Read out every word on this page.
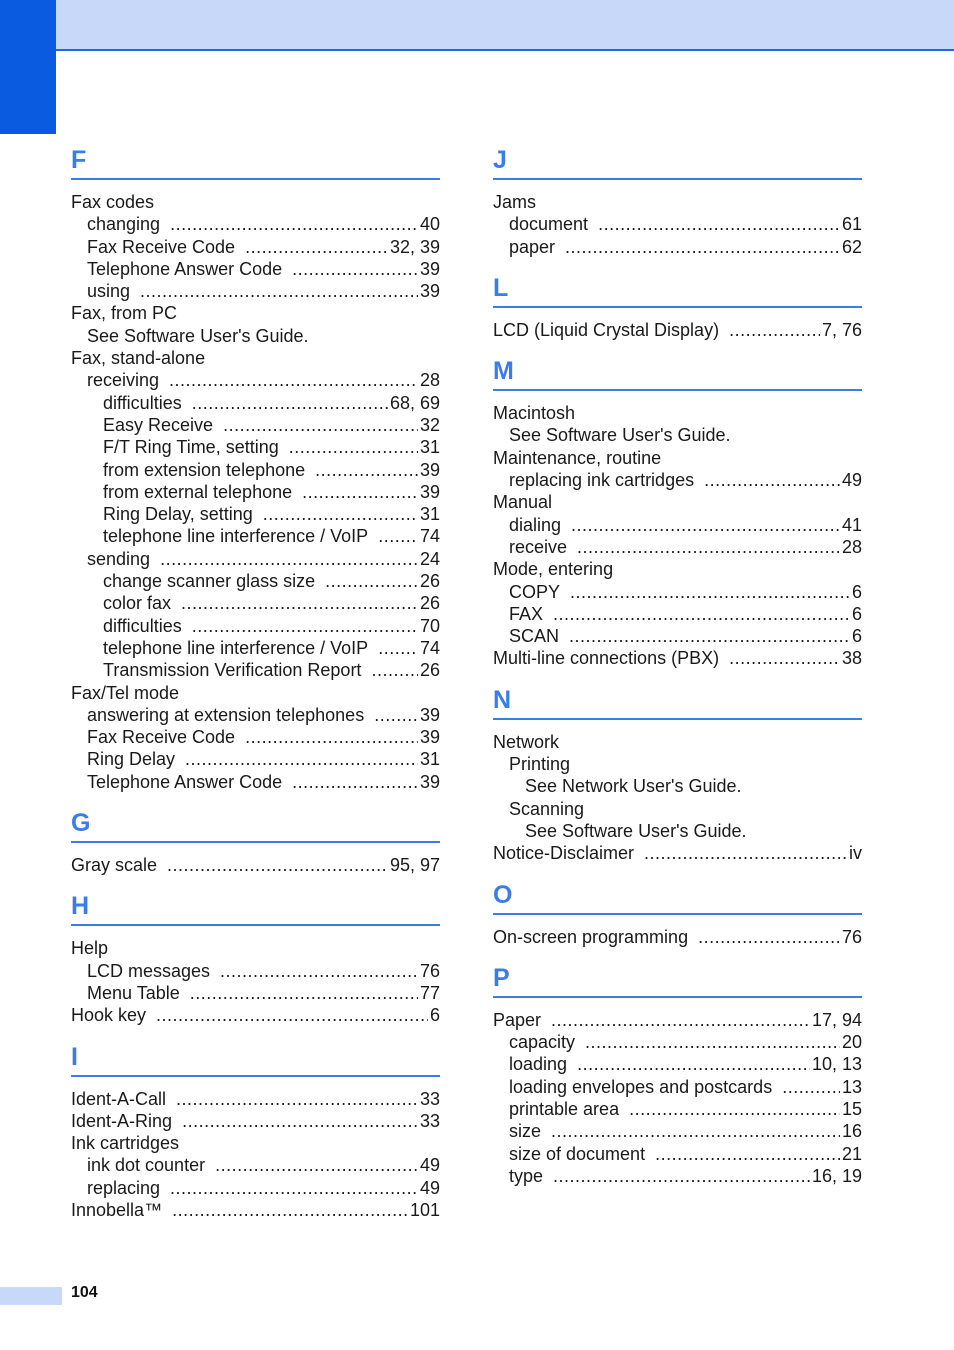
F
Fax codes
changing .....	40
Fax Receive Code .....	32, 39
Telephone Answer Code .....	39
using .....	39
Fax, from PC
See Software User's Guide.
Fax, stand-alone
receiving .....	28
difficulties .....	68, 69
Easy Receive .....	32
F/T Ring Time, setting .....	31
from extension telephone .....	39
from external telephone .....	39
Ring Delay, setting .....	31
telephone line interference / VoIP .....	74
sending .....	24
change scanner glass size .....	26
color fax .....	26
difficulties .....	70
telephone line interference / VoIP .....	74
Transmission Verification Report .....	26
Fax/Tel mode
answering at extension telephones .....	39
Fax Receive Code .....	39
Ring Delay .....	31
Telephone Answer Code .....	39
G
Gray scale .....	95, 97
H
Help
LCD messages .....	76
Menu Table .....	77
Hook key .....	6
I
Ident-A-Call .....	33
Ident-A-Ring .....	33
Ink cartridges
ink dot counter .....	49
replacing .....	49
Innobella™ .....	101
J
Jams
document .....	61
paper .....	62
L
LCD (Liquid Crystal Display) .....	7, 76
M
Macintosh
See Software User's Guide.
Maintenance, routine
replacing ink cartridges .....	49
Manual
dialing .....	41
receive .....	28
Mode, entering
COPY .....	6
FAX .....	6
SCAN .....	6
Multi-line connections (PBX) .....	38
N
Network
Printing
See Network User's Guide.
Scanning
See Software User's Guide.
Notice-Disclaimer .....	iv
O
On-screen programming .....	76
P
Paper .....	17, 94
capacity .....	20
loading .....	10, 13
loading envelopes and postcards .....	13
printable area .....	15
size .....	16
size of document .....	21
type .....	16, 19
104
